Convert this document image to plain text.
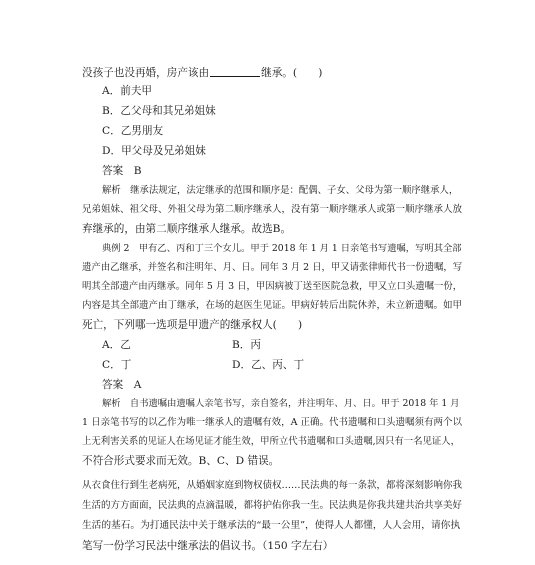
没孩子也没再婚，房产该由	继承。(　　)
A．前夫甲
B．乙父母和其兄弟姐妹
C．乙男朋友
D．甲父母及兄弟姐妹
答案　B
解析　继承法规定，法定继承的范围和顺序是：配偶、子女、父母为第一顺序继承人，
兄弟姐妹、祖父母、外祖父母为第二顺序继承人，没有第一顺序继承人或第一顺序继承人放
弃继承的，由第二顺序继承人继承。故选B。
典例 2　甲有乙、丙和丁三个女儿。甲于 2018 年 1 月 1 日亲笔书写遗嘱，写明其全部
遗产由乙继承，并签名和注明年、月、日。同年 3 月 2 日，甲又请张律师代书一份遗嘱，写
明其全部遗产由丙继承。同年 5 月 3 日，甲因病被丁送至医院急救，甲又立口头遗嘱一份，
内容是其全部遗产由丁继承，在场的赵医生见证。甲病好转后出院休养，未立新遗嘱。如甲
死亡，下列哪一选项是甲遗产的继承权人(　　)
A．乙	B．丙
C．丁	D．乙、丙、丁
答案　A
解析　自书遗嘱由遗嘱人亲笔书写，亲自签名，并注明年、月、日。甲于 2018 年 1 月
1 日亲笔书写的以乙作为唯一继承人的遗嘱有效，A 正确。代书遗嘱和口头遗嘱须有两个以
上无利害关系的见证人在场见证才能生效，甲所立代书遗嘱和口头遗嘱,因只有一名见证人，
不符合形式要求而无效。B、C、D 错误。
从衣食住行到生老病死，从婚姻家庭到物权债权……民法典的每一条款，都将深刻影响你我
生活的方方面面，民法典的点滴温暖，都将护佑你我一生。民法典是你我共建共治共享美好
生活的基石。为打通民法中关于继承法的“最一公里”，使得人人都懂，人人会用，请你执
笔写一份学习民法中继承法的倡议书。（150 字左右）
